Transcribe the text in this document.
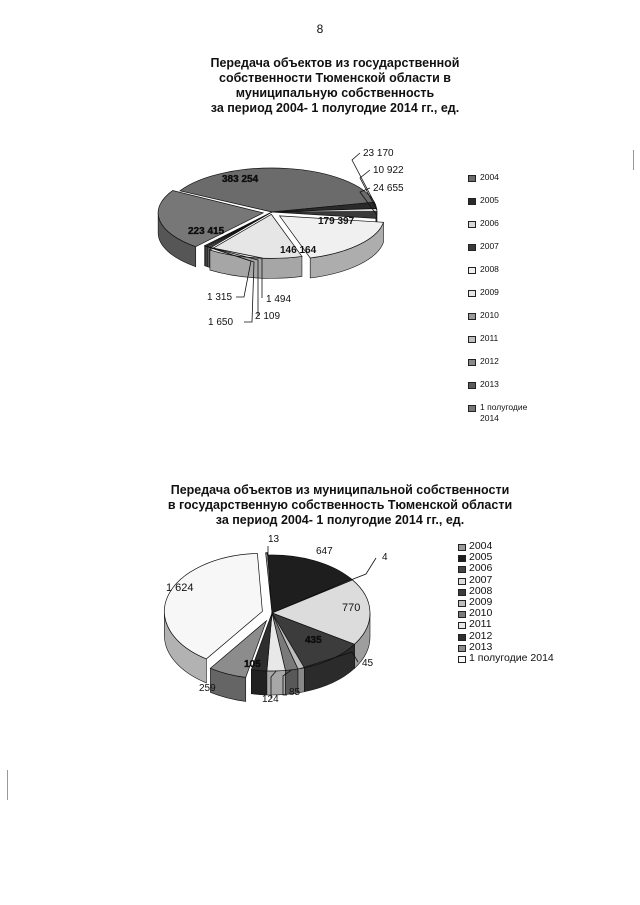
8
Передача объектов из государственной
собственности Тюменской области в
муниципальную собственность
за период 2004- 1 полугодие 2014 гг., ед.
383 254
23 170
10 922
24 655
179 397
146 164
1 494
2 109
1 650
1 315
223 415
2004
2005
2006
2007
2008
2009
2010
2011
2012
2013
1 полугодие 2014
Передача объектов из муниципальной собственности
в государственную собственность Тюменской области
за период 2004- 1 полугодие 2014 гг., ед.
13
647
4
770
435
45
85
124
105
259
1 624
2004
2005
2006
2007
2008
2009
2010
2011
2012
2013
1 полугодие 2014
